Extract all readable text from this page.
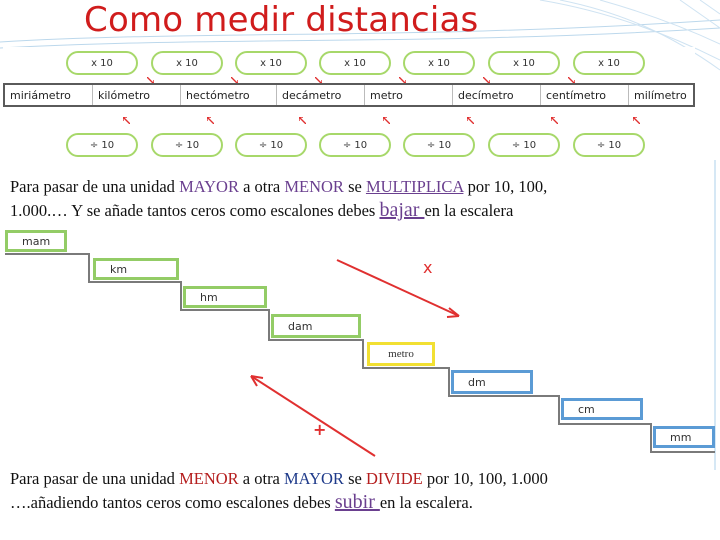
Como medir distancias
x 10	x 10	x 10	x 10	x 10	x 10	x 10
miriámetro	kilómetro	hectómetro	decámetro	metro	decímetro	centímetro	milímetro
÷ 10	÷ 10	÷ 10	÷ 10	÷ 10	÷ 10	÷ 10
Para pasar de una unidad MAYOR a otra MENOR se MULTIPLICA por 10, 100,
1.000.… Y se añade tantos ceros como escalones debes bajar en la escalera
mam
km
hm
dam
metro
dm
cm
mm
x
+
Para pasar de una unidad MENOR a otra MAYOR se DIVIDE por 10, 100, 1.000
….añadiendo tantos ceros como escalones debes subir en la escalera.
